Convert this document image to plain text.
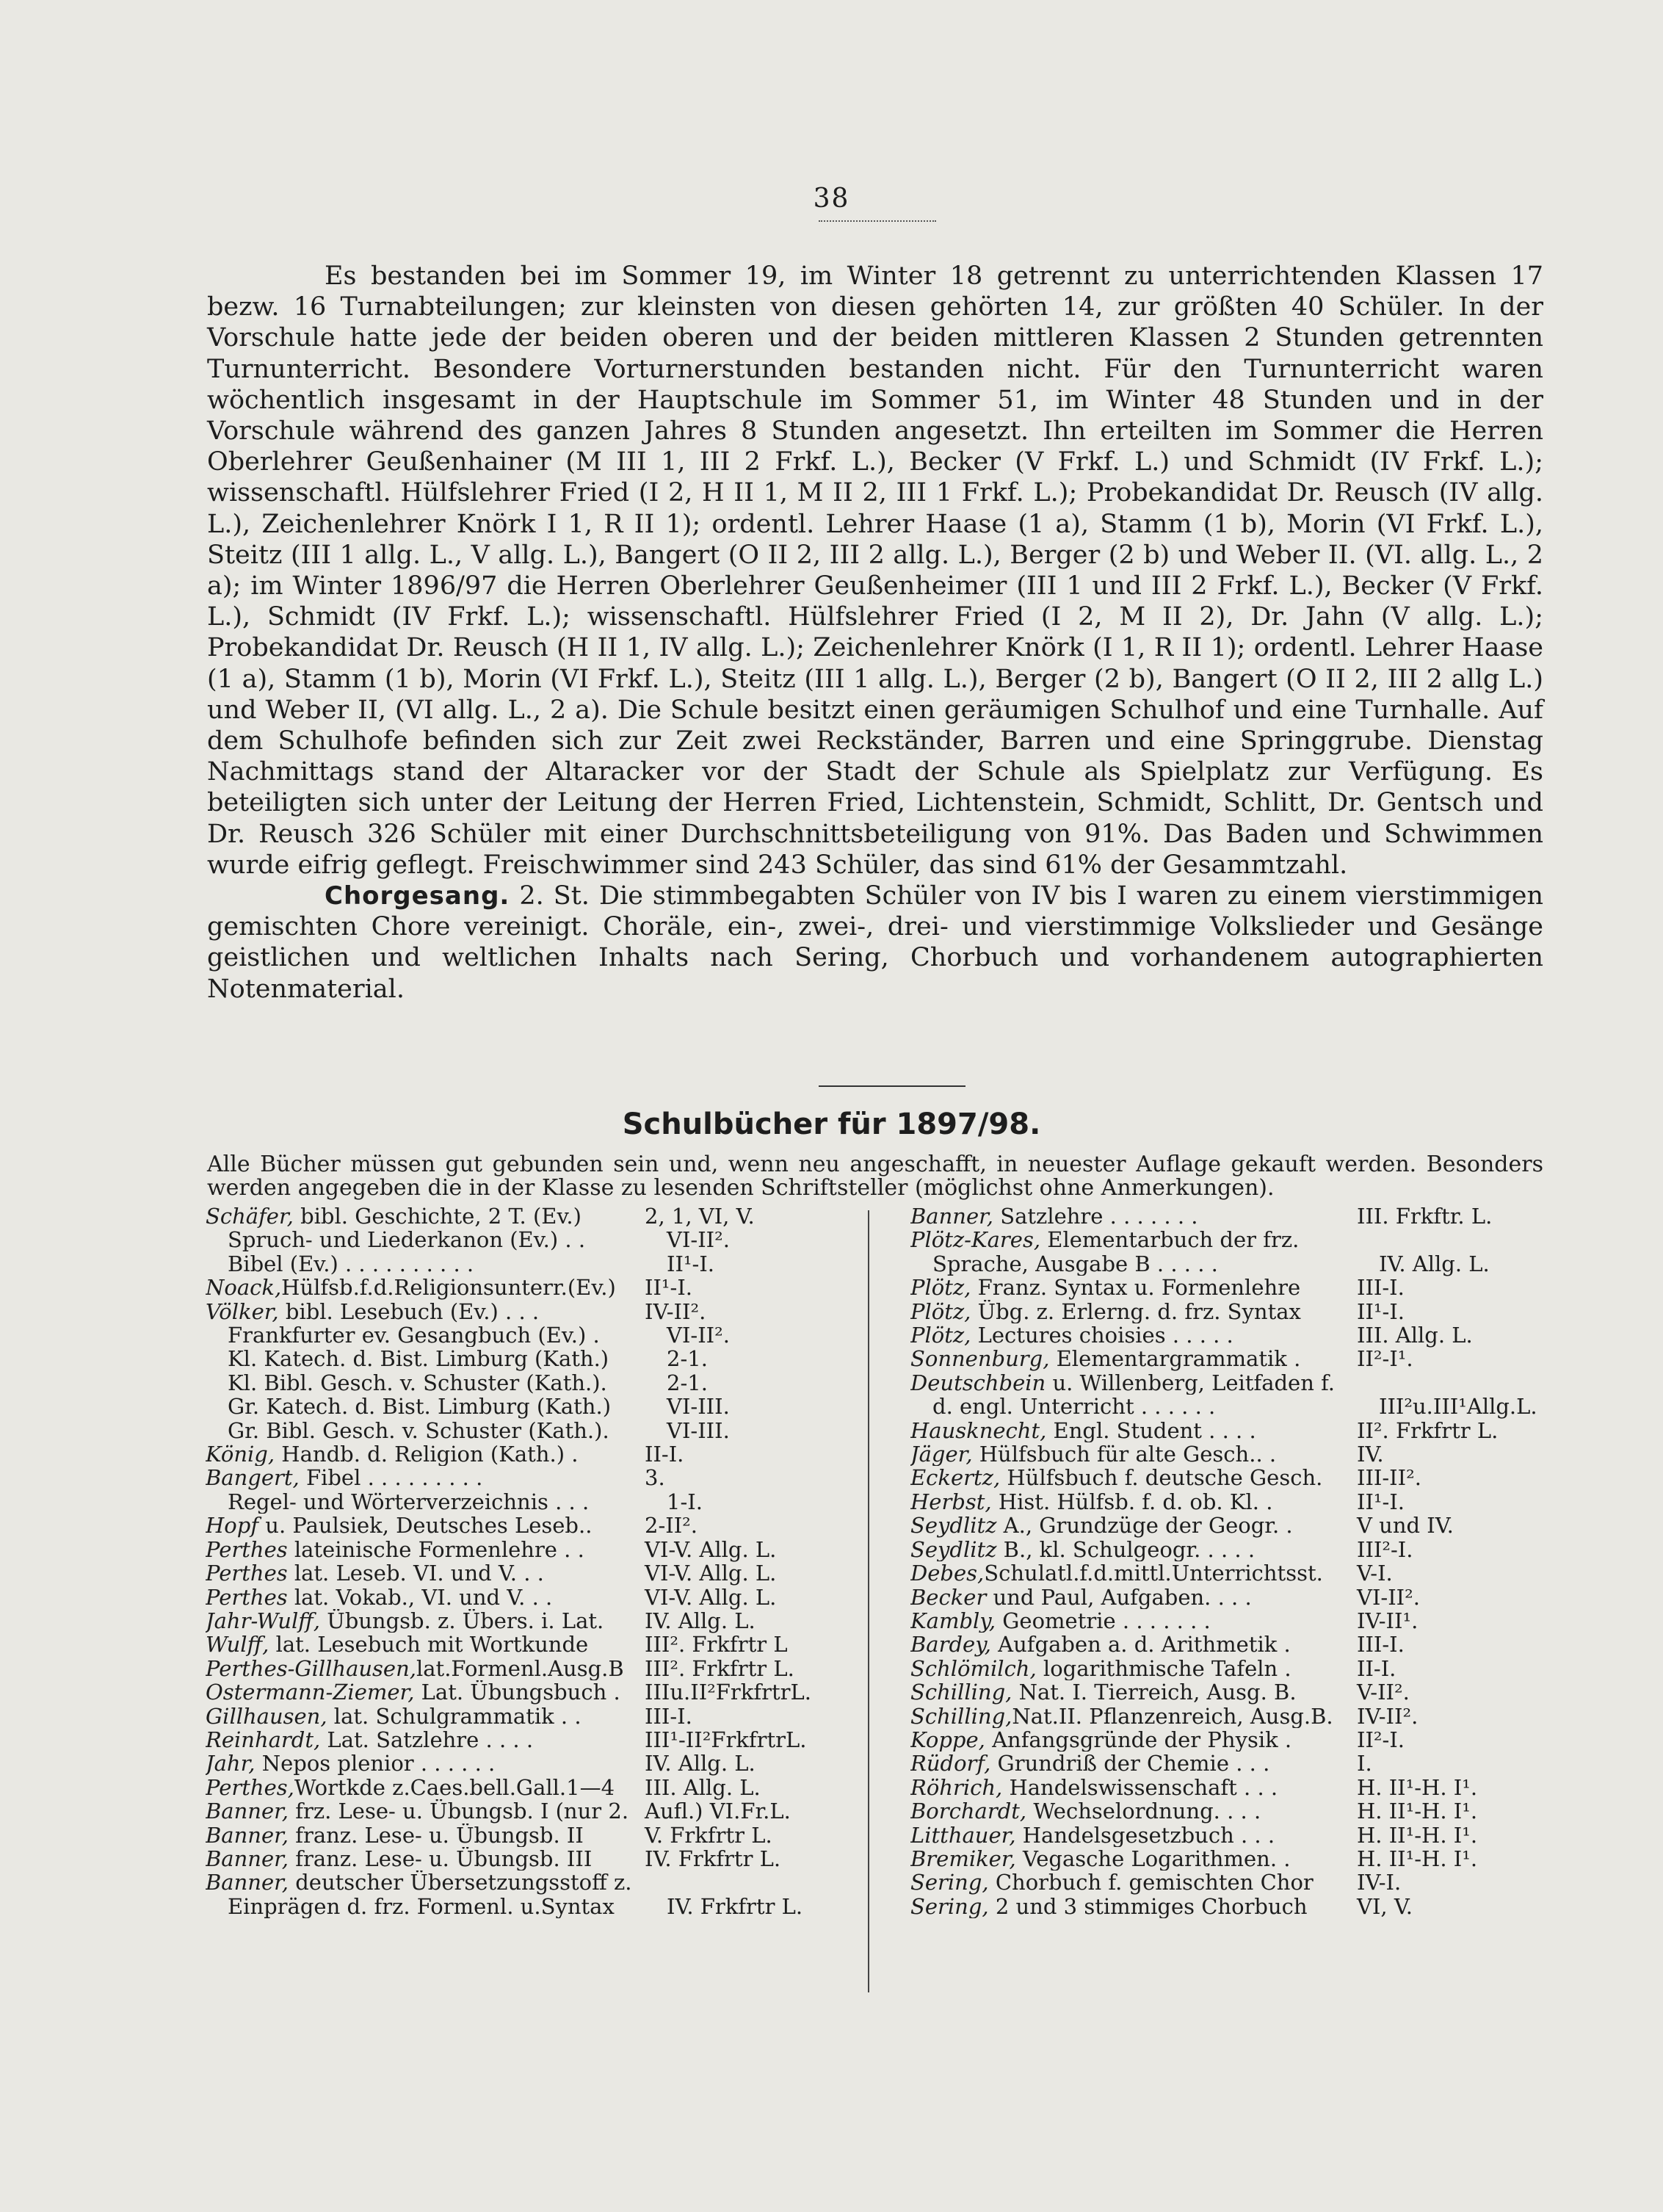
38

Es bestanden bei im Sommer 19, im Winter 18 getrennt zu unterrichtenden Klassen 17 bezw. 16 Turnabteilungen; zur kleinsten von diesen gehörten 14, zur größten 40 Schüler. In der Vorschule hatte jede der beiden oberen und der beiden mittleren Klassen 2 Stunden getrennten Turnunterricht. Besondere Vorturnerstunden bestanden nicht. Für den Turnunterricht waren wöchentlich insgesamt in der Hauptschule im Sommer 51, im Winter 48 Stunden und in der Vorschule während des ganzen Jahres 8 Stunden angesetzt. Ihn erteilten im Sommer die Herren Oberlehrer Geußenhainer (M III 1, III 2 Frkf. L.), Becker (V Frkf. L.) und Schmidt (IV Frkf. L.); wissenschaftl. Hülfslehrer Fried (I 2, H II 1, M II 2, III 1 Frkf. L.); Probekandidat Dr. Reusch (IV allg. L.), Zeichenlehrer Knörk I 1, R II 1); ordentl. Lehrer Haase (1 a), Stamm (1 b), Morin (VI Frkf. L.), Steitz (III 1 allg. L., V allg. L.), Bangert (O II 2, III 2 allg. L.), Berger (2 b) und Weber II. (VI. allg. L., 2 a); im Winter 1896/97 die Herren Oberlehrer Geußenheimer (III 1 und III 2 Frkf. L.), Becker (V Frkf. L.), Schmidt (IV Frkf. L.); wissenschaftl. Hülfslehrer Fried (I 2, M II 2), Dr. Jahn (V allg. L.); Probekandidat Dr. Reusch (H II 1, IV allg. L.); Zeichenlehrer Knörk (I 1, R II 1); ordentl. Lehrer Haase (1 a), Stamm (1 b), Morin (VI Frkf. L.), Steitz (III 1 allg. L.), Berger (2 b), Bangert (O II 2, III 2 allg L.) und Weber II, (VI allg. L., 2 a). Die Schule besitzt einen geräumigen Schulhof und eine Turnhalle. Auf dem Schulhofe befinden sich zur Zeit zwei Reckständer, Barren und eine Springgrube. Dienstag Nachmittags stand der Altaracker vor der Stadt der Schule als Spielplatz zur Verfügung. Es beteiligten sich unter der Leitung der Herren Fried, Lichtenstein, Schmidt, Schlitt, Dr. Gentsch und Dr. Reusch 326 Schüler mit einer Durchschnittsbeteiligung von 91%. Das Baden und Schwimmen wurde eifrig geflegt. Freischwimmer sind 243 Schüler, das sind 61% der Gesammtzahl.

Chorgesang. 2. St. Die stimmbegabten Schüler von IV bis I waren zu einem vierstimmigen gemischten Chore vereinigt. Choräle, ein-, zwei-, drei- und vierstimmige Volkslieder und Gesänge geistlichen und weltlichen Inhalts nach Sering, Chorbuch und vorhandenem autographierten Notenmaterial.

Schulbücher für 1897/98.

Alle Bücher müssen gut gebunden sein und, wenn neu angeschafft, in neuester Auflage gekauft werden. Besonders werden angegeben die in der Klasse zu lesenden Schriftsteller (möglichst ohne Anmerkungen).

Schäfer, bibl. Geschichte, 2 T. (Ev.)	2, 1, VI, V.
Spruch- und Liederkanon (Ev.) . .	VI-II².
Bibel (Ev.) . . . . . . . . . .	II¹-I.
Noack,Hülfsb.f.d.Religionsunterr.(Ev.)	II¹-I.
Völker, bibl. Lesebuch (Ev.) . . .	IV-II².
Frankfurter ev. Gesangbuch (Ev.) .	VI-II².
Kl. Katech. d. Bist. Limburg (Kath.)	2-1.
Kl. Bibl. Gesch. v. Schuster (Kath.).	2-1.
Gr. Katech. d. Bist. Limburg (Kath.)	VI-III.
Gr. Bibl. Gesch. v. Schuster (Kath.).	VI-III.
König, Handb. d. Religion (Kath.) .	II-I.
Bangert, Fibel . . . . . . . . .	3.
Regel- und Wörterverzeichnis . . .	1-I.
Hopf u. Paulsiek, Deutsches Leseb..	2-II².
Perthes lateinische Formenlehre . .	VI-V. Allg. L.
Perthes lat. Leseb. VI. und V. . .	VI-V. Allg. L.
Perthes lat. Vokab., VI. und V. . .	VI-V. Allg. L.
Jahr-Wulff, Übungsb. z. Übers. i. Lat.	IV. Allg. L.
Wulff, lat. Lesebuch mit Wortkunde	III². Frkfrtr L
Perthes-Gillhausen,lat.Formenl.Ausg.B III². Frkfrtr L.
Ostermann-Ziemer, Lat. Übungsbuch .	IIIu.II²FrkfrtrL.
Gillhausen, lat. Schulgrammatik . .	III-I.
Reinhardt, Lat. Satzlehre . . . .	III¹-II²FrkfrtrL.
Jahr, Nepos plenior . . . . . .	IV. Allg. L.
Perthes,Wortkde z.Caes.bell.Gall.1—4	III. Allg. L.
Banner, frz. Lese- u. Übungsb. I (nur 2. Aufl.) VI.Fr.L.
Banner, franz. Lese- u. Übungsb. II	V. Frkfrtr L.
Banner, franz. Lese- u. Übungsb. III	IV. Frkfrtr L.
Banner, deutscher Übersetzungsstoff z.
Einprägen d. frz. Formenl. u.Syntax	IV. Frkfrtr L.
Banner, Satzlehre . . . . . . .	III. Frkftr. L.
Plötz-Kares, Elementarbuch der frz.
Sprache, Ausgabe B . . . . .	IV. Allg. L.
Plötz, Franz. Syntax u. Formenlehre	III-I.
Plötz, Übg. z. Erlerng. d. frz. Syntax	II¹-I.
Plötz, Lectures choisies . . . . .	III. Allg. L.
Sonnenburg, Elementargrammatik .	II²-I¹.
Deutschbein u. Willenberg, Leitfaden f.
d. engl. Unterricht . . . . . .	III²u.III¹Allg.L.
Hausknecht, Engl. Student . . . .	II². Frkfrtr L.
Jäger, Hülfsbuch für alte Gesch.. .	IV.
Eckertz, Hülfsbuch f. deutsche Gesch.	III-II².
Herbst, Hist. Hülfsb. f. d. ob. Kl. .	II¹-I.
Seydlitz A., Grundzüge der Geogr. .	V und IV.
Seydlitz B., kl. Schulgeogr. . . . .	III²-I.
Debes,Schulatl.f.d.mittl.Unterrichtsst.	V-I.
Becker und Paul, Aufgaben. . . .	VI-II².
Kambly, Geometrie . . . . . . .	IV-II¹.
Bardey, Aufgaben a. d. Arithmetik .	III-I.
Schlömilch, logarithmische Tafeln .	II-I.
Schilling, Nat. I. Tierreich, Ausg. B.	V-II².
Schilling,Nat.II. Pflanzenreich, Ausg.B.	IV-II².
Koppe, Anfangsgründe der Physik .	II²-I.
Rüdorf, Grundriß der Chemie . . .	I.
Röhrich, Handelswissenschaft . . .	H. II¹-H. I¹.
Borchardt, Wechselordnung. . . .	H. II¹-H. I¹.
Litthauer, Handelsgesetzbuch . . .	H. II¹-H. I¹.
Bremiker, Vegasche Logarithmen. .	H. II¹-H. I¹.
Sering, Chorbuch f. gemischten Chor	IV-I.
Sering, 2 und 3 stimmiges Chorbuch	VI, V.
